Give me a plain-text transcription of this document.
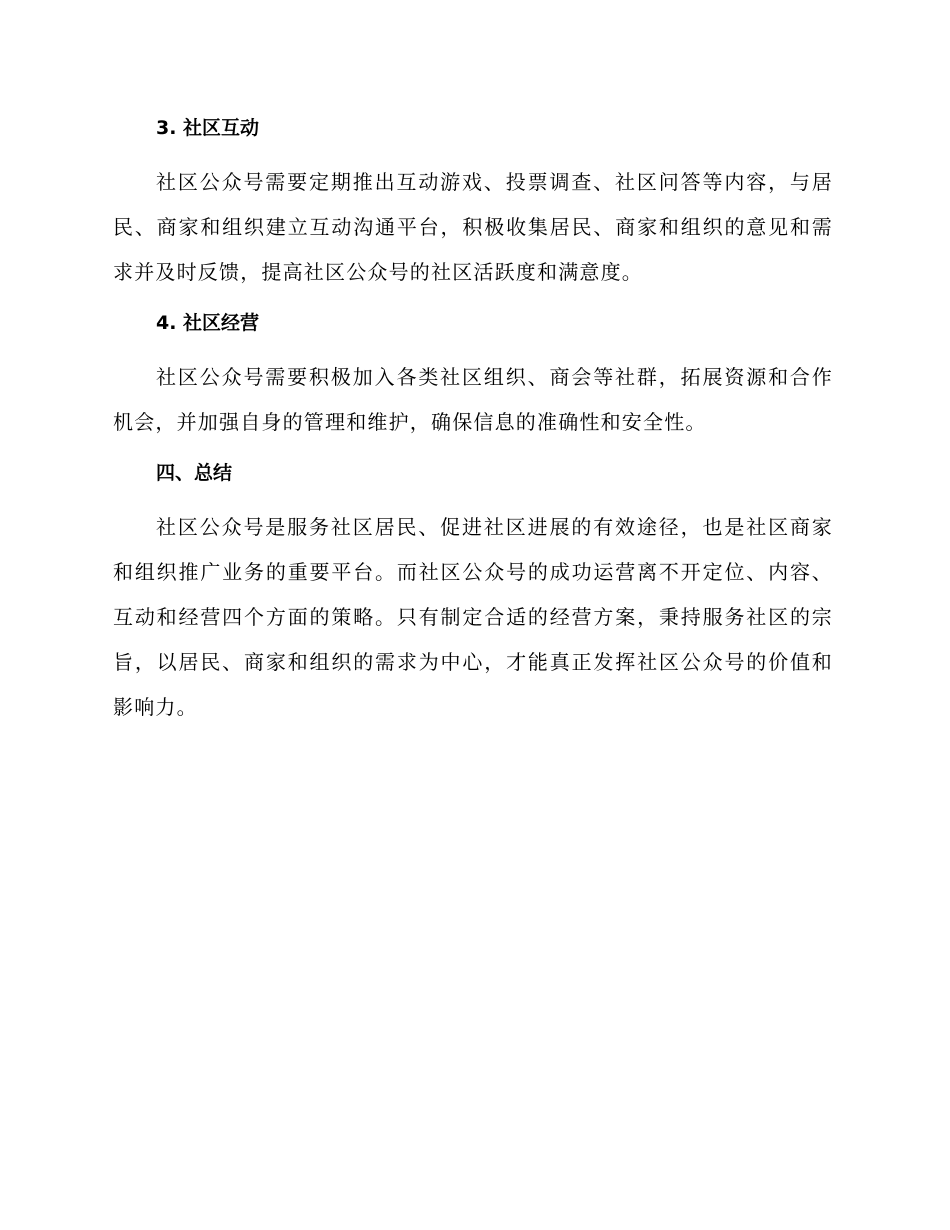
3. 社区互动

社区公众号需要定期推出互动游戏、投票调查、社区问答等内容，与居民、商家和组织建立互动沟通平台，积极收集居民、商家和组织的意见和需求并及时反馈，提高社区公众号的社区活跃度和满意度。

4. 社区经营

社区公众号需要积极加入各类社区组织、商会等社群，拓展资源和合作机会，并加强自身的管理和维护，确保信息的准确性和安全性。

四、总结

社区公众号是服务社区居民、促进社区进展的有效途径，也是社区商家和组织推广业务的重要平台。而社区公众号的成功运营离不开定位、内容、互动和经营四个方面的策略。只有制定合适的经营方案，秉持服务社区的宗旨，以居民、商家和组织的需求为中心，才能真正发挥社区公众号的价值和影响力。
